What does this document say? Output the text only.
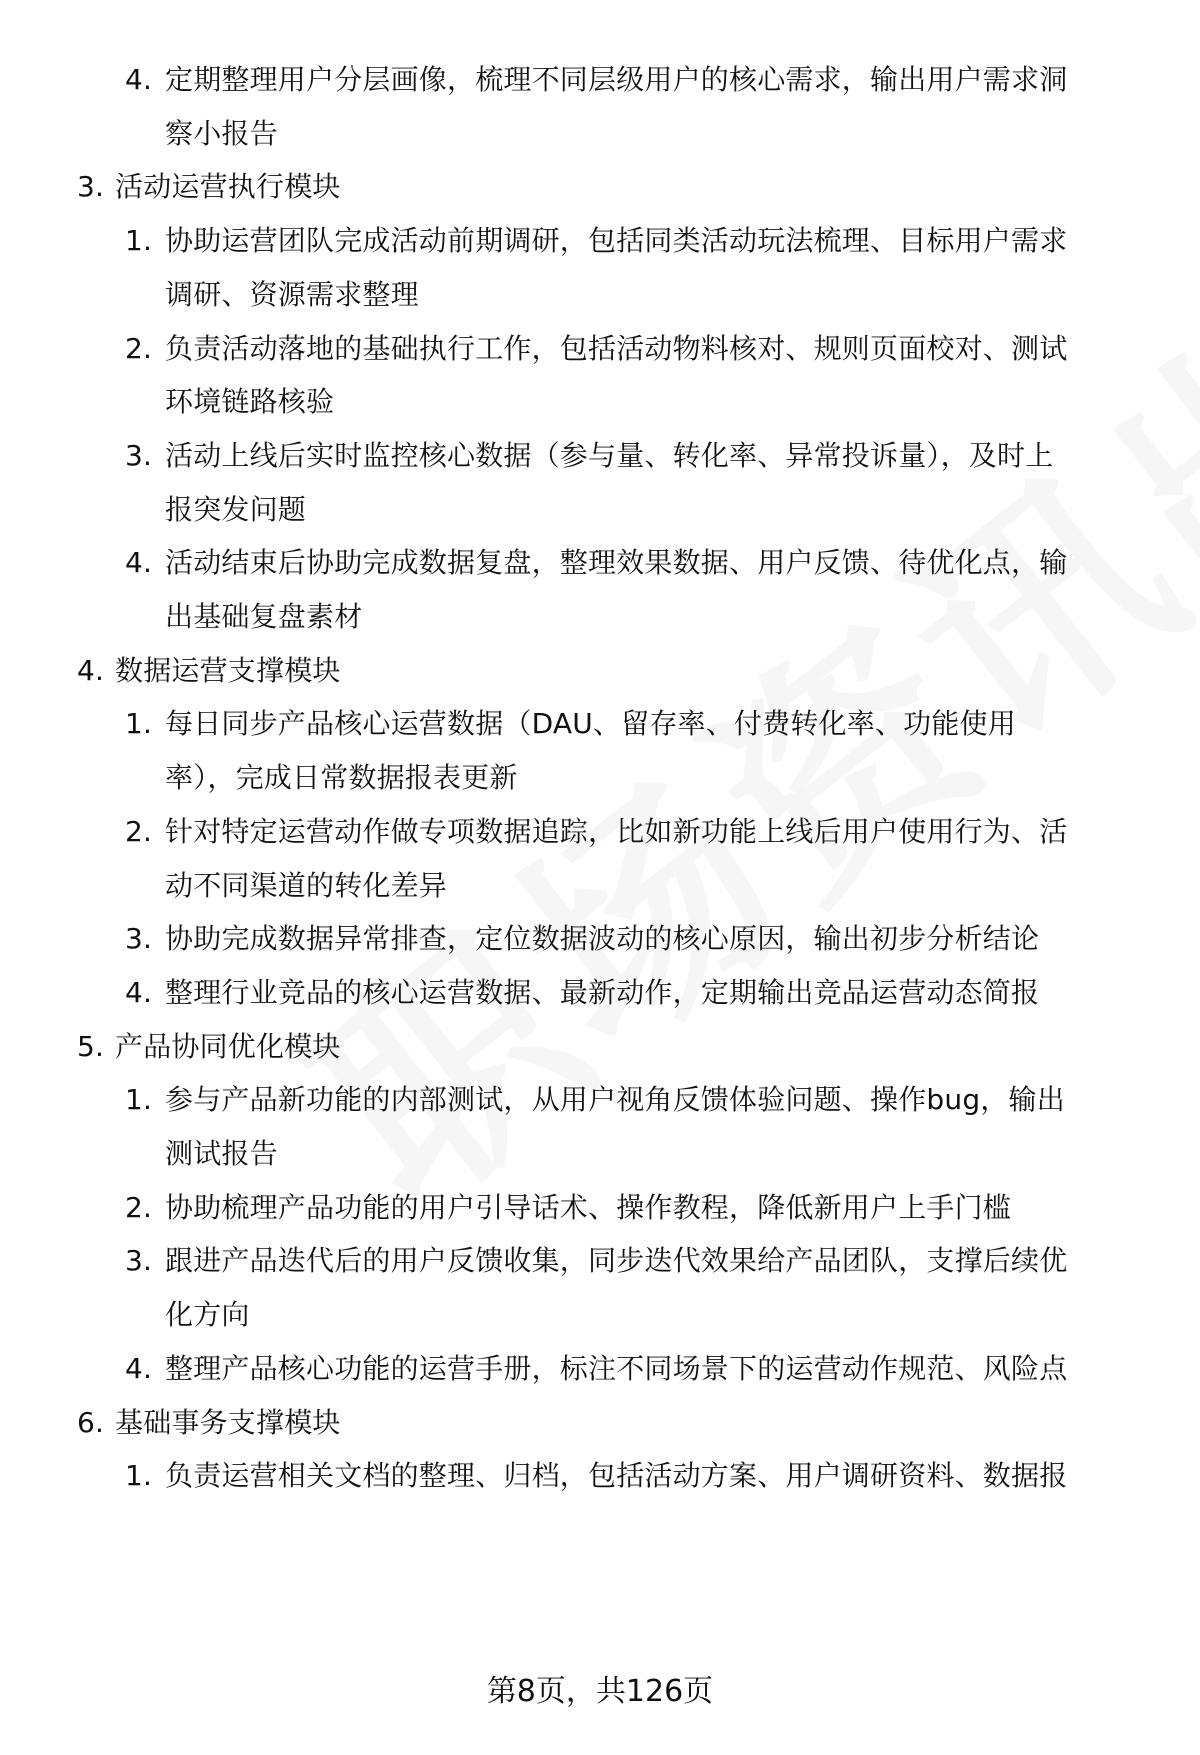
4. 定期整理用户分层画像，梳理不同层级用户的核心需求，输出用户需求洞
察小报告
3. 活动运营执行模块
1. 协助运营团队完成活动前期调研，包括同类活动玩法梳理、目标用户需求
调研、资源需求整理
2. 负责活动落地的基础执行工作，包括活动物料核对、规则页面校对、测试
环境链路核验
3. 活动上线后实时监控核心数据（参与量、转化率、异常投诉量），及时上
报突发问题
4. 活动结束后协助完成数据复盘，整理效果数据、用户反馈、待优化点，输
出基础复盘素材
4. 数据运营支撑模块
1. 每日同步产品核心运营数据（DAU、留存率、付费转化率、功能使用
率），完成日常数据报表更新
2. 针对特定运营动作做专项数据追踪，比如新功能上线后用户使用行为、活
动不同渠道的转化差异
3. 协助完成数据异常排查，定位数据波动的核心原因，输出初步分析结论
4. 整理行业竞品的核心运营数据、最新动作，定期输出竞品运营动态简报
5. 产品协同优化模块
1. 参与产品新功能的内部测试，从用户视角反馈体验问题、操作bug，输出
测试报告
2. 协助梳理产品功能的用户引导话术、操作教程，降低新用户上手门槛
3. 跟进产品迭代后的用户反馈收集，同步迭代效果给产品团队，支撑后续优
化方向
4. 整理产品核心功能的运营手册，标注不同场景下的运营动作规范、风险点
6. 基础事务支撑模块
1. 负责运营相关文档的整理、归档，包括活动方案、用户调研资料、数据报
第8页，共126页
